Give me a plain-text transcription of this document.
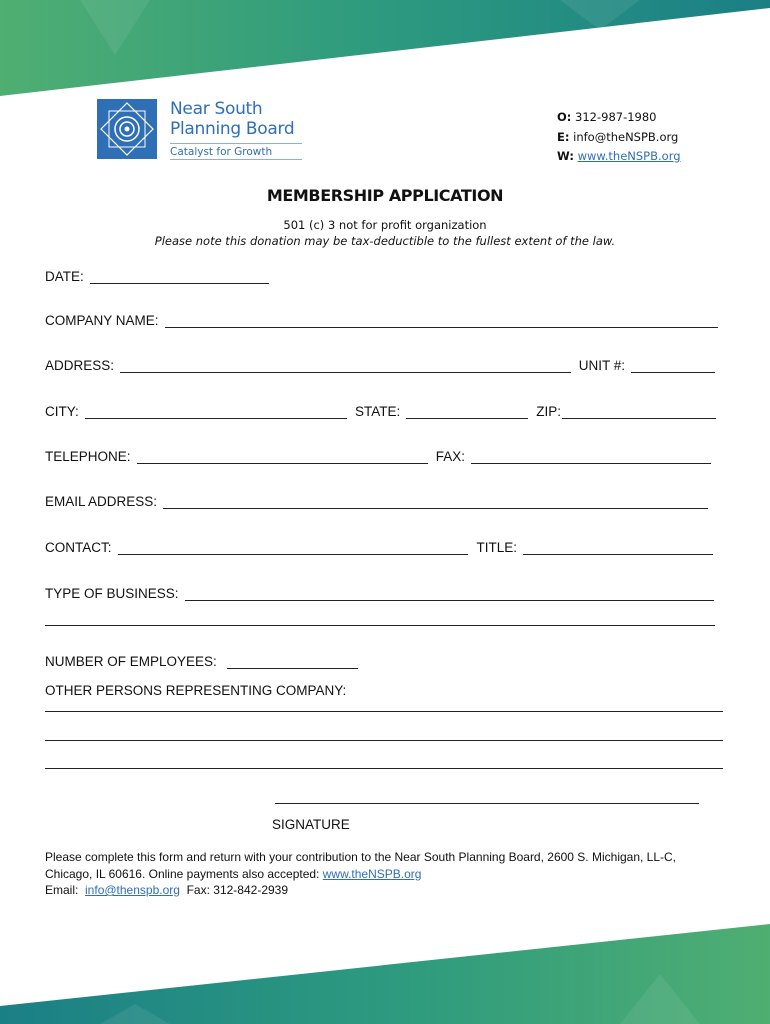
Near South
Planning Board
Catalyst for Growth
O: 312-987-1980
E: info@theNSPB.org
W: www.theNSPB.org
MEMBERSHIP APPLICATION
501 (c) 3 not for profit organization
Please note this donation may be tax-deductible to the fullest extent of the law.
DATE:
COMPANY NAME:
ADDRESS:	UNIT #:
CITY:	STATE:	ZIP:
TELEPHONE:	FAX:
EMAIL ADDRESS:
CONTACT:	TITLE:
TYPE OF BUSINESS:
NUMBER OF EMPLOYEES:
OTHER PERSONS REPRESENTING COMPANY:
SIGNATURE
Please complete this form and return with your contribution to the Near South Planning Board, 2600 S. Michigan, LL-C,
Chicago, IL 60616. Online payments also accepted: www.theNSPB.org
Email:  info@thenspb.org  Fax: 312-842-2939
